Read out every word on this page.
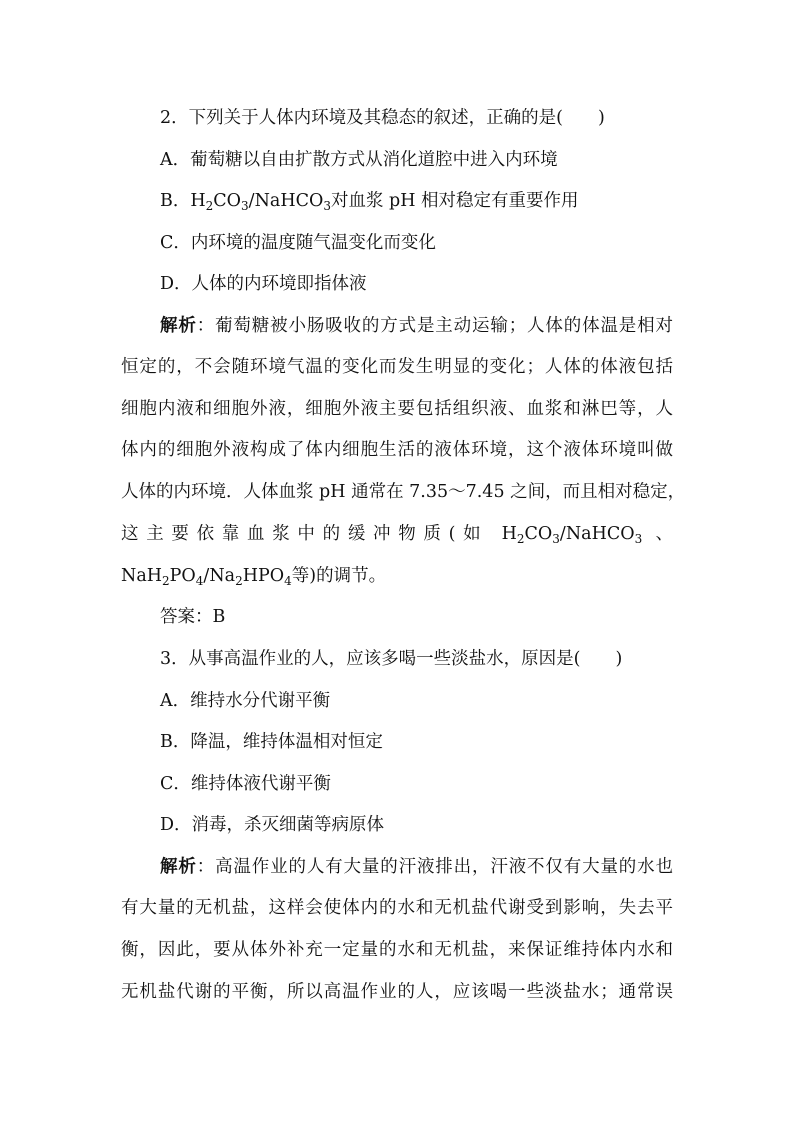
2．下列关于人体内环境及其稳态的叙述，正确的是(　　)
A．葡萄糖以自由扩散方式从消化道腔中进入内环境
B．$H_2CO_3/NaHCO_3$对血浆 pH 相对稳定有重要作用
C．内环境的温度随气温变化而变化
D．人体的内环境即指体液
解析：葡萄糖被小肠吸收的方式是主动运输；人体的体温是相对
恒定的，不会随环境气温的变化而发生明显的变化；人体的体液包括
细胞内液和细胞外液，细胞外液主要包括组织液、血浆和淋巴等，人
体内的细胞外液构成了体内细胞生活的液体环境，这个液体环境叫做
人体的内环境．人体血浆 pH 通常在 7.35～7.45 之间，而且相对稳定，
这主要依靠血浆中的缓冲物质(如 $H_2CO_3/NaHCO_3$ 、
$NaH_2PO_4/Na_2HPO_4$等)的调节。
答案：B
3．从事高温作业的人，应该多喝一些淡盐水，原因是(　　)
A．维持水分代谢平衡
B．降温，维持体温相对恒定
C．维持体液代谢平衡
D．消毒，杀灭细菌等病原体
解析：高温作业的人有大量的汗液排出，汗液不仅有大量的水也
有大量的无机盐，这样会使体内的水和无机盐代谢受到影响，失去平
衡，因此，要从体外补充一定量的水和无机盐，来保证维持体内水和
无机盐代谢的平衡，所以高温作业的人，应该喝一些淡盐水；通常误
